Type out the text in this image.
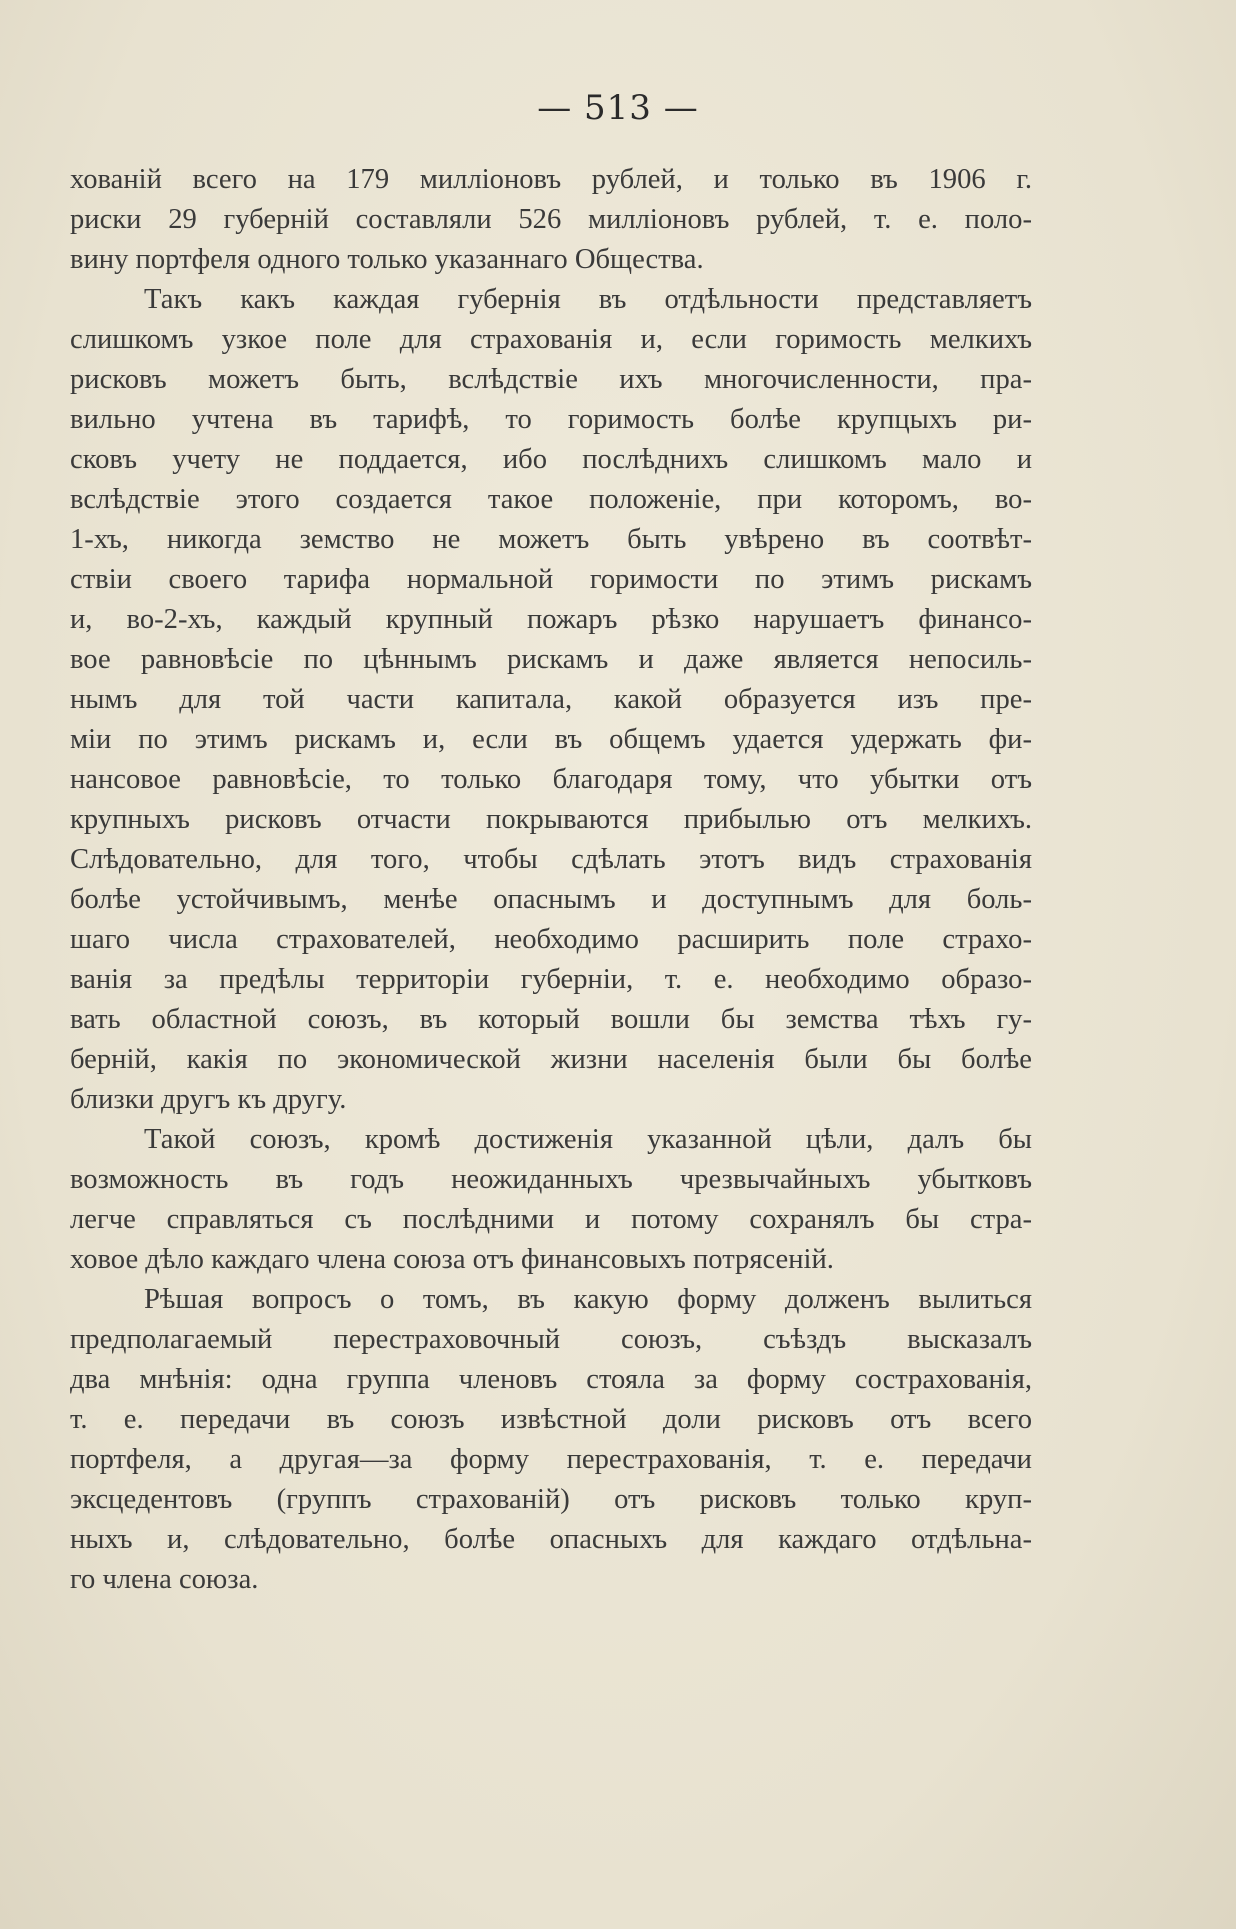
— 513 —
хованій всего на 179 милліоновъ рублей, и только въ 1906 г.
риски 29 губерній составляли 526 милліоновъ рублей, т. е. поло-
вину портфеля одного только указаннаго Общества.
Такъ какъ каждая губернія въ отдѣльности представляетъ
слишкомъ узкое поле для страхованія и, если горимость мелкихъ
рисковъ можетъ быть, вслѣдствіе ихъ многочисленности, пра-
вильно учтена въ тарифѣ, то горимость болѣе крупцыхъ ри-
сковъ учету не поддается, ибо послѣднихъ слишкомъ мало и
вслѣдствіе этого создается такое положеніе, при которомъ, во-
1-хъ, никогда земство не можетъ быть увѣрено въ соотвѣт-
ствіи своего тарифа нормальной горимости по этимъ рискамъ
и, во-2-хъ, каждый крупный пожаръ рѣзко нарушаетъ финансо-
вое равновѣсіе по цѣннымъ рискамъ и даже является непосиль-
нымъ для той части капитала, какой образуется изъ пре-
міи по этимъ рискамъ и, если въ общемъ удается удержать фи-
нансовое равновѣсіе, то только благодаря тому, что убытки отъ
крупныхъ рисковъ отчасти покрываются прибылью отъ мелкихъ.
Слѣдовательно, для того, чтобы сдѣлать этотъ видъ страхованія
болѣе устойчивымъ, менѣе опаснымъ и доступнымъ для боль-
шаго числа страхователей, необходимо расширить поле страхо-
ванія за предѣлы территоріи губерніи, т. е. необходимо образо-
вать областной союзъ, въ который вошли бы земства тѣхъ гу-
берній, какія по экономической жизни населенія были бы болѣе
близки другъ къ другу.
Такой союзъ, кромѣ достиженія указанной цѣли, далъ бы
возможность въ годъ неожиданныхъ чрезвычайныхъ убытковъ
легче справляться съ послѣдними и потому сохранялъ бы стра-
ховое дѣло каждаго члена союза отъ финансовыхъ потрясеній.
Рѣшая вопросъ о томъ, въ какую форму долженъ вылиться
предполагаемый перестраховочный союзъ, съѣздъ высказалъ
два мнѣнія: одна группа членовъ стояла за форму сострахованія,
т. е. передачи въ союзъ извѣстной доли рисковъ отъ всего
портфеля, а другая—за форму перестрахованія, т. е. передачи
эксцедентовъ (группъ страхованій) отъ рисковъ только круп-
ныхъ и, слѣдовательно, болѣе опасныхъ для каждаго отдѣльна-
го члена союза.
